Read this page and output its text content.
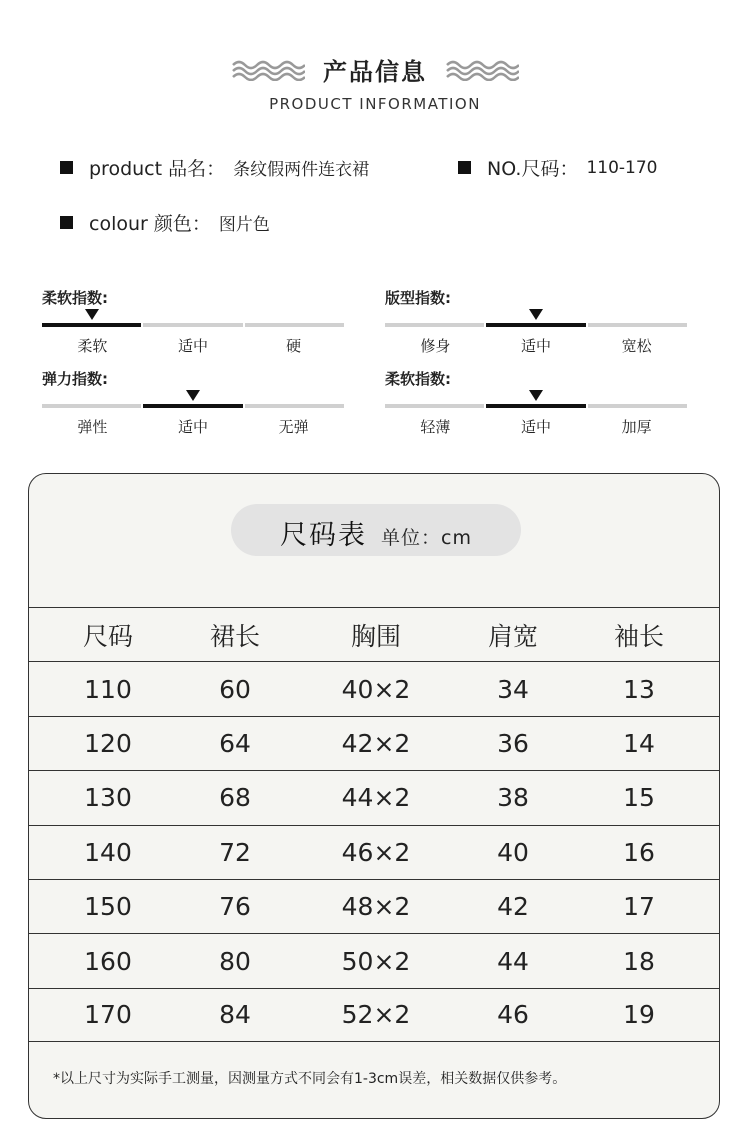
产品信息
PRODUCT INFORMATION
product 品名： 条纹假两件连衣裙	NO.尺码： 110-170
colour 颜色： 图片色
柔软指数:
柔软	适中	硬
版型指数:
修身	适中	宽松
弹力指数:
弹性	适中	无弹
柔软指数:
轻薄	适中	加厚
尺码表 单位：cm
尺码	裙长	胸围	肩宽	袖长
110	60	40×2	34	13
120	64	42×2	36	14
130	68	44×2	38	15
140	72	46×2	40	16
150	76	48×2	42	17
160	80	50×2	44	18
170	84	52×2	46	19
*以上尺寸为实际手工测量，因测量方式不同会有1-3cm误差，相关数据仅供参考。
